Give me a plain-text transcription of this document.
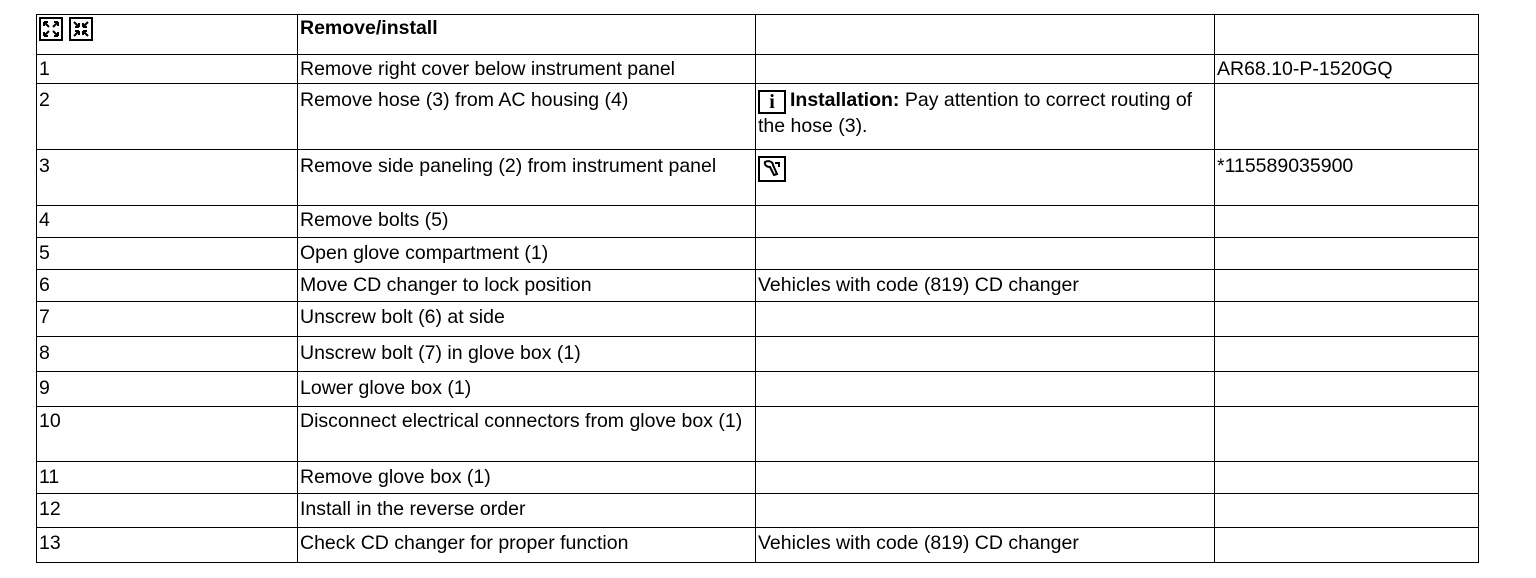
	Remove/install		
1	Remove right cover below instrument panel		AR68.10-P-1520GQ
2	Remove hose (3) from AC housing (4)	i Installation: Pay attention to correct routing of the hose (3).	
3	Remove side paneling (2) from instrument panel		*115589035900
4	Remove bolts (5)		
5	Open glove compartment (1)		
6	Move CD changer to lock position	Vehicles with code (819) CD changer	
7	Unscrew bolt (6) at side		
8	Unscrew bolt (7) in glove box (1)		
9	Lower glove box (1)		
10	Disconnect electrical connectors from glove box (1)		
11	Remove glove box (1)		
12	Install in the reverse order		
13	Check CD changer for proper function	Vehicles with code (819) CD changer	
